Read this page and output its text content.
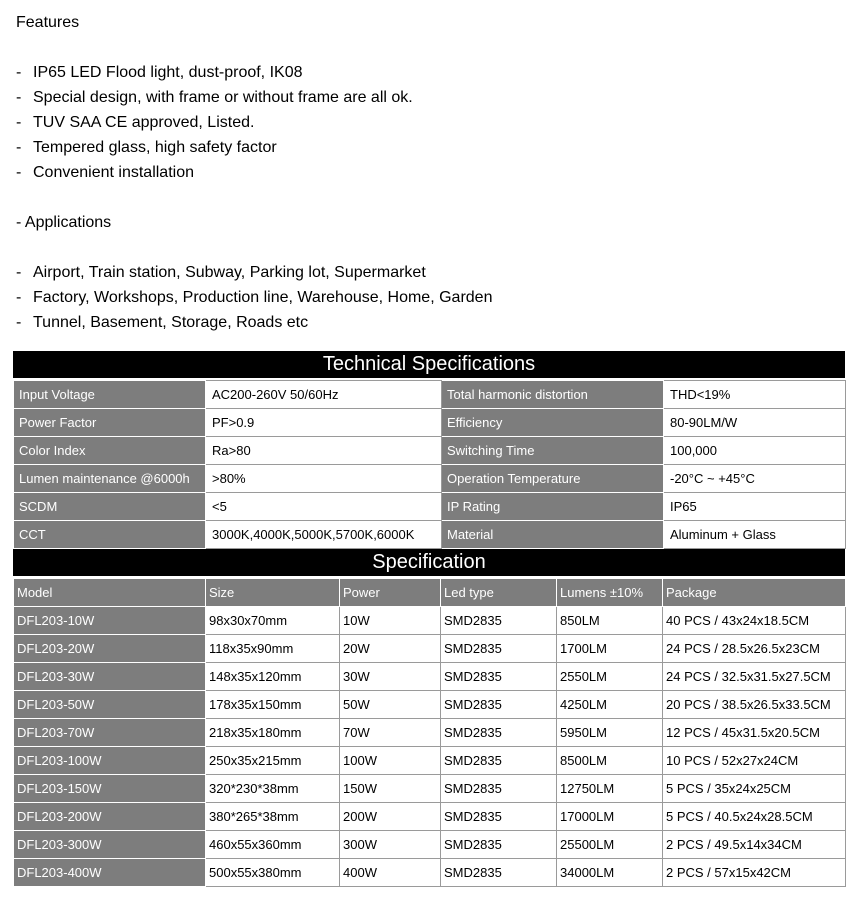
Features
- IP65 LED Flood light, dust-proof, IK08
- Special design, with frame or without frame are all ok.
- TUV SAA CE approved, Listed.
- Tempered glass, high safety factor
- Convenient installation
- Applications
- Airport, Train station, Subway, Parking lot, Supermarket
- Factory, Workshops, Production line, Warehouse, Home, Garden
- Tunnel, Basement, Storage, Roads etc
Technical Specifications
Input Voltage	AC200-260V 50/60Hz	Total harmonic distortion	THD<19%
Power Factor	PF>0.9	Efficiency	80-90LM/W
Color Index	Ra>80	Switching Time	100,000
Lumen maintenance @6000h	>80%	Operation Temperature	-20°C ~ +45°C
SCDM	<5	IP Rating	IP65
CCT	3000K,4000K,5000K,5700K,6000K	Material	Aluminum + Glass
Specification
Model	Size	Power	Led type	Lumens ±10%	Package
DFL203-10W	98x30x70mm	10W	SMD2835	850LM	40 PCS / 43x24x18.5CM
DFL203-20W	118x35x90mm	20W	SMD2835	1700LM	24 PCS / 28.5x26.5x23CM
DFL203-30W	148x35x120mm	30W	SMD2835	2550LM	24 PCS / 32.5x31.5x27.5CM
DFL203-50W	178x35x150mm	50W	SMD2835	4250LM	20 PCS / 38.5x26.5x33.5CM
DFL203-70W	218x35x180mm	70W	SMD2835	5950LM	12 PCS / 45x31.5x20.5CM
DFL203-100W	250x35x215mm	100W	SMD2835	8500LM	10 PCS / 52x27x24CM
DFL203-150W	320*230*38mm	150W	SMD2835	12750LM	5 PCS / 35x24x25CM
DFL203-200W	380*265*38mm	200W	SMD2835	17000LM	5 PCS / 40.5x24x28.5CM
DFL203-300W	460x55x360mm	300W	SMD2835	25500LM	2 PCS / 49.5x14x34CM
DFL203-400W	500x55x380mm	400W	SMD2835	34000LM	2 PCS / 57x15x42CM
